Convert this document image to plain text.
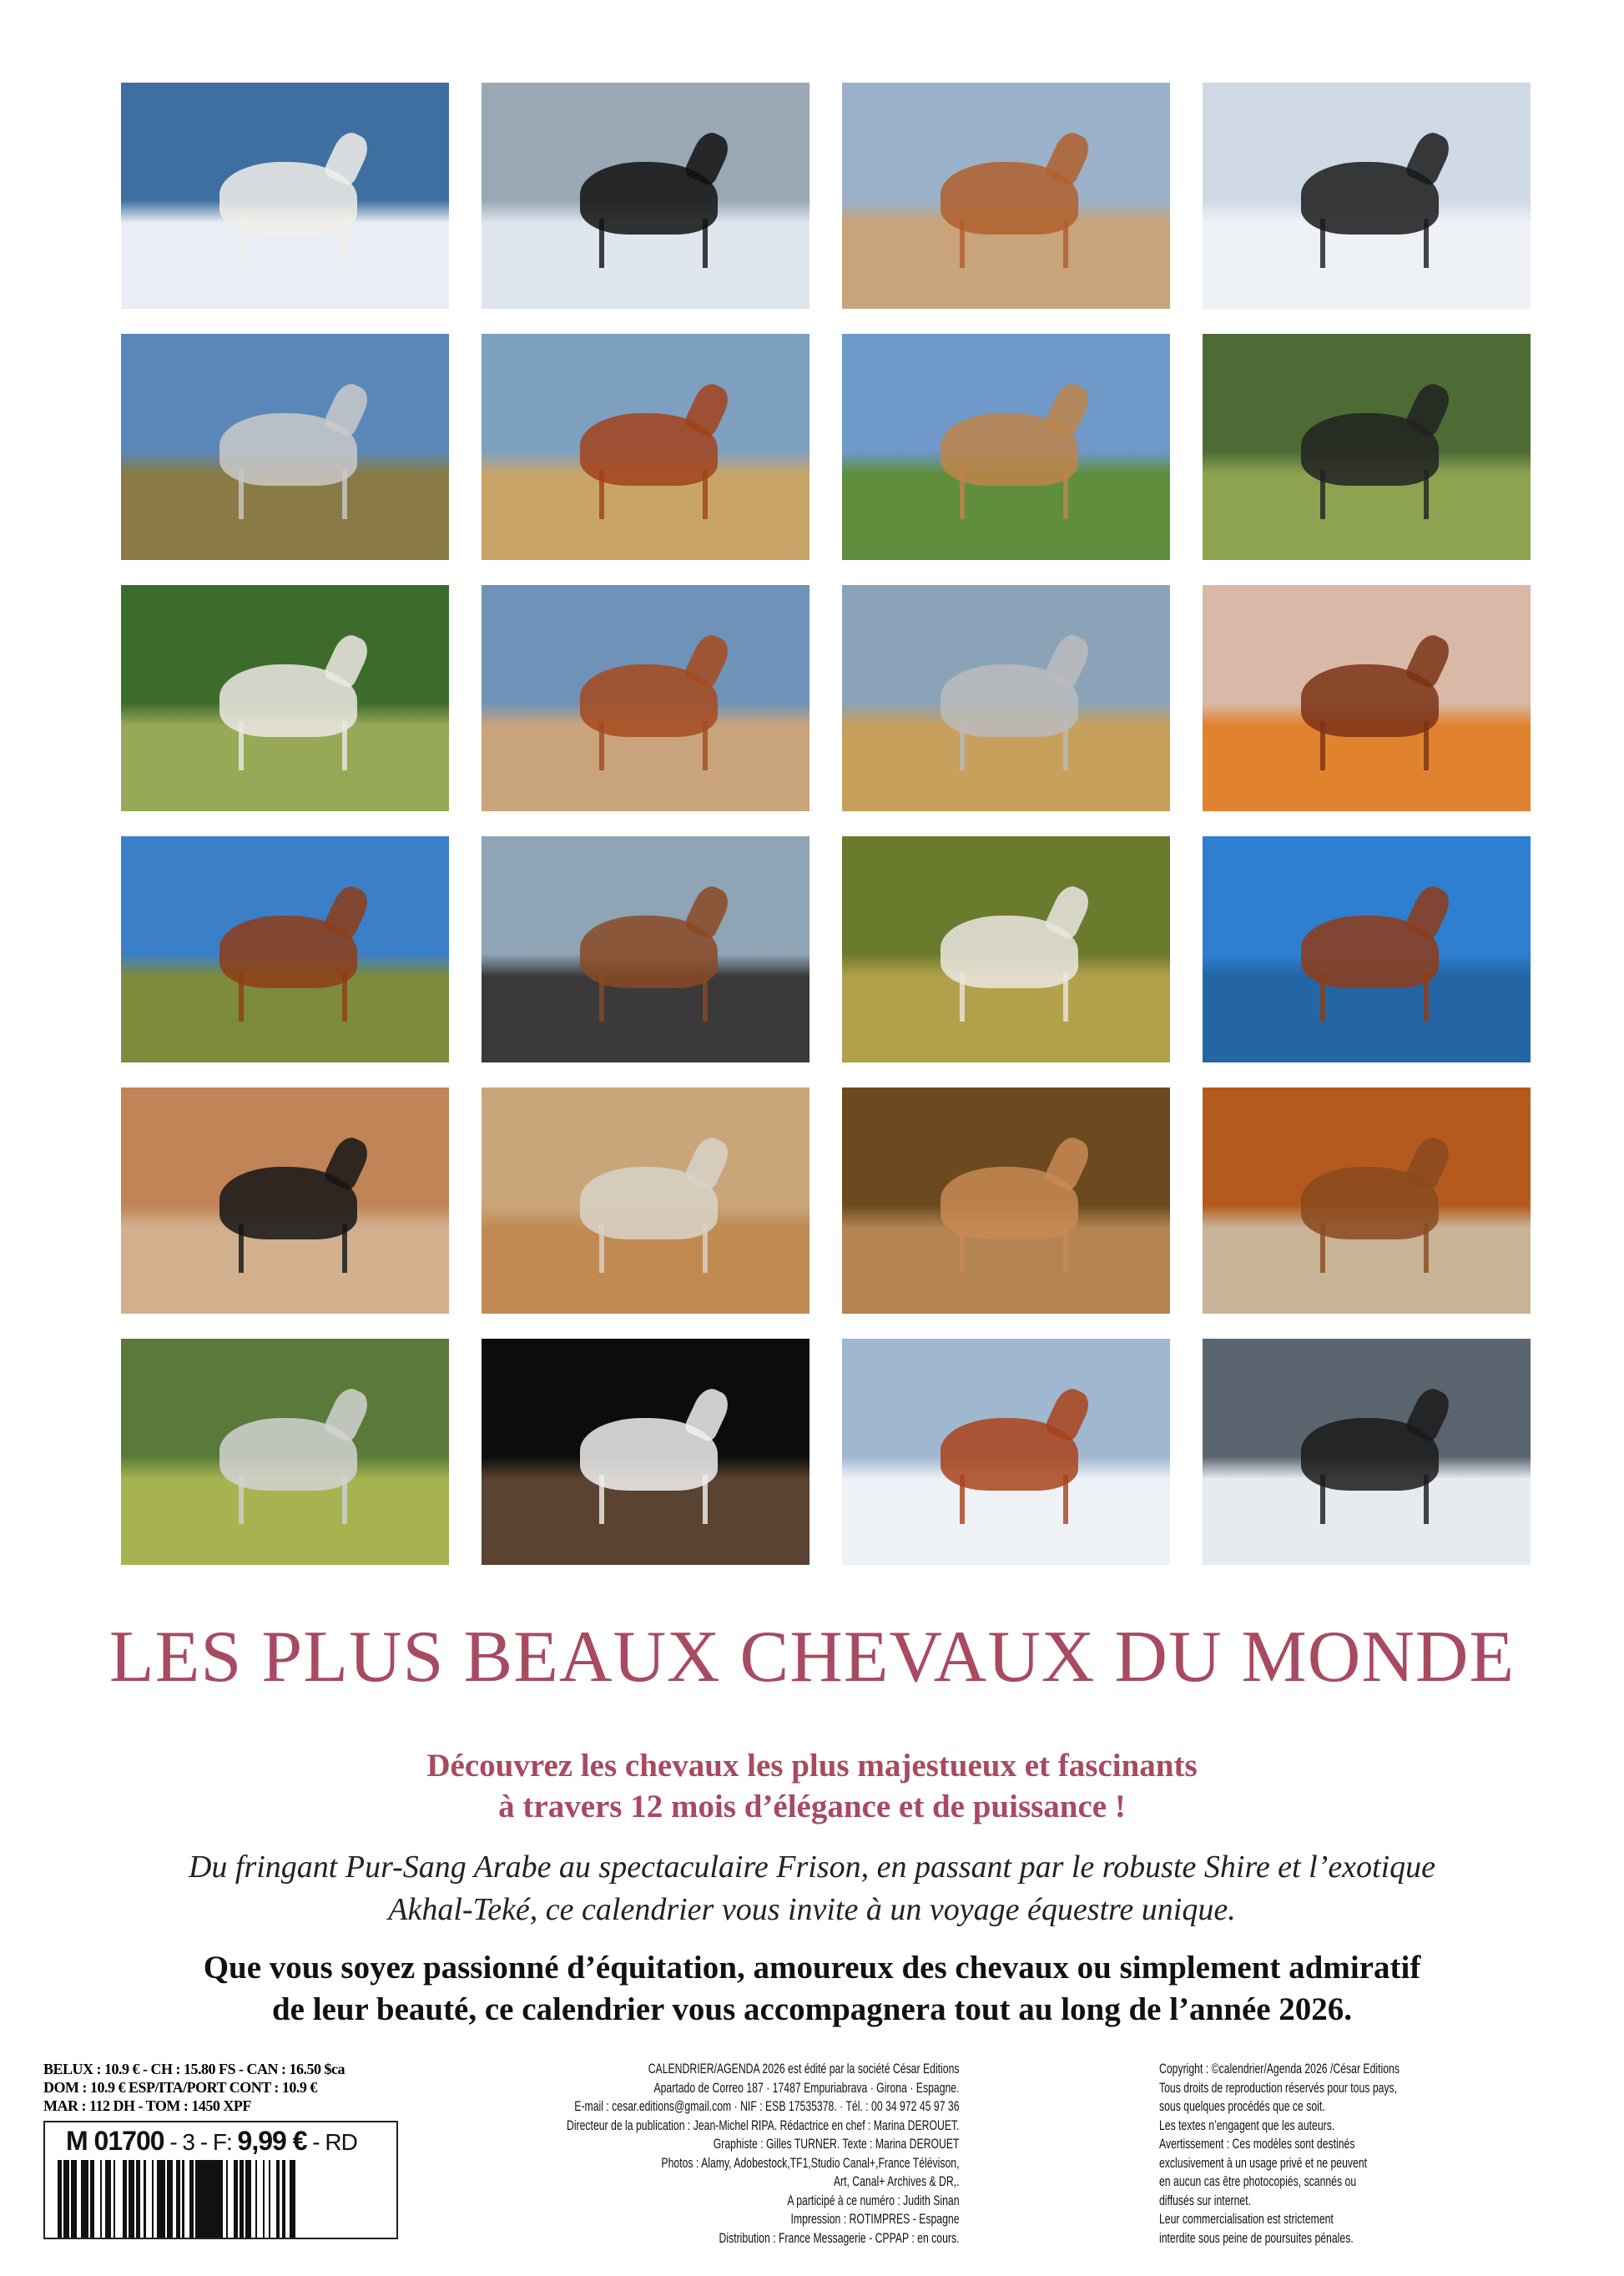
LES PLUS BEAUX CHEVAUX DU MONDE
Découvrez les chevaux les plus majestueux et fascinants
à travers 12 mois d’élégance et de puissance !
Du fringant Pur-Sang Arabe au spectaculaire Frison, en passant par le robuste Shire et l’exotique
Akhal-Teké, ce calendrier vous invite à un voyage équestre unique.
Que vous soyez passionné d’équitation, amoureux des chevaux ou simplement admiratif
de leur beauté, ce calendrier vous accompagnera tout au long de l’année 2026.
BELUX : 10.9 € - CH : 15.80 FS - CAN : 16.50 $ca
DOM : 10.9 € ESP/ITA/PORT CONT : 10.9 €
MAR : 112 DH - TOM : 1450 XPF
M 01700 - 3 - F: 9,99 € - RD
CALENDRIER/AGENDA 2026 est édité par la société César Editions
Apartado de Correo 187 · 17487 Empuriabrava · Girona · Espagne.
E-mail : cesar.editions@gmail.com · NIF : ESB 17535378. · Tél. : 00 34 972 45 97 36
Directeur de la publication : Jean-Michel RIPA. Rédactrice en chef : Marina DEROUET.
Graphiste : Gilles TURNER. Texte : Marina DEROUET
Photos : Alamy, Adobestock,TF1,Studio Canal+,France Télévison,
Art, Canal+ Archives & DR,.
A participé à ce numéro : Judith Sinan
Impression : ROTIMPRES - Espagne
Distribution : France Messagerie - CPPAP : en cours.
Copyright : ©calendrier/Agenda 2026 /César Editions
Tous droits de reproduction réservés pour tous pays,
sous quelques procédés que ce soit.
Les textes n’engagent que les auteurs.
Avertissement : Ces modèles sont destinés
exclusivement à un usage privé et ne peuvent
en aucun cas être photocopiés, scannés ou
diffusés sur internet.
Leur commercialisation est strictement
interdite sous peine de poursuites pénales.
